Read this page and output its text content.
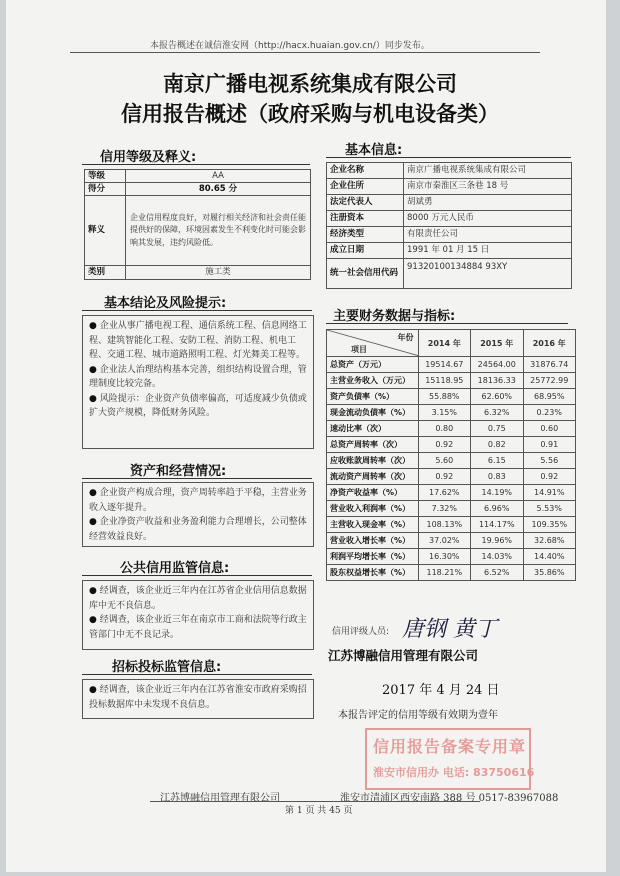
本报告概述在诚信淮安网（http://hacx.huaian.gov.cn/）同步发布。
南京广播电视系统集成有限公司
信用报告概述（政府采购与机电设备类）
信用等级及释义:
等级	AA
得分	80.65 分
释义	企业信用程度良好，对履行相关经济和社会责任能提供好的保障，环境因素发生不利变化时可能会影响其发展，违约风险低。
类别	施工类
基本信息:
企业名称	南京广播电视系统集成有限公司
企业住所	南京市秦淮区三条巷 18 号
法定代表人	胡斌勇
注册资本	8000 万元人民币
经济类型	有限责任公司
成立日期	1991 年 01 月 15 日
统一社会信用代码	91320100134884 93XY
基本结论及风险提示:

● 企业从事广播电视工程、通信系统工程、信息网络工程、建筑智能化工程、安防工程、消防工程、机电工程、交通工程、城市道路照明工程、灯光舞美工程等。

● 企业法人治理结构基本完善，组织结构设置合理，管理制度比较完备。

● 风险提示：企业资产负债率偏高，可适度减少负债或扩大资产规模，降低财务风险。

资产和经营情况:

● 企业资产构成合理，资产周转率趋于平稳，主营业务收入逐年提升。

● 企业净资产收益和业务盈利能力合理增长，公司整体经营效益良好。

公共信用监管信息:

● 经调查，该企业近三年内在江苏省企业信用信息数据库中无不良信息。

● 经调查，该企业近三年在南京市工商和法院等行政主管部门中无不良记录。

招标投标监管信息:

● 经调查，该企业近三年内在江苏省淮安市政府采购招投标数据库中未发现不良信息。

主要财务数据与指标:
年份
项目	2014 年	2015 年	2016 年
总资产（万元）	19514.67	24564.00	31876.74
主营业务收入（万元）	15118.95	18136.33	25772.99
资产负债率（%）	55.88%	62.60%	68.95%
现金流动负债率（%）	3.15%	6.32%	0.23%
速动比率（次）	0.80	0.75	0.60
总资产周转率（次）	0.92	0.82	0.91
应收账款周转率（次）	5.60	6.15	5.56
流动资产周转率（次）	0.92	0.83	0.92
净资产收益率（%）	17.62%	14.19%	14.91%
营业收入利润率（%）	7.32%	6.96%	5.53%
主营收入现金率（%）	108.13%	114.17%	109.35%
营业收入增长率（%）	37.02%	19.96%	32.68%
利润平均增长率（%）	16.30%	14.03%	14.40%
股东权益增长率（%）	118.21%	6.52%	35.86%
信用评级人员: 唐钢 黄丁
江苏博融信用管理有限公司
2017 年 4 月 24 日
本报告评定的信用等级有效期为壹年
信用报告备案专用章
淮安市信用办 电话: 83750616
江苏博融信用管理有限公司	淮安市清浦区西安南路 388 号 0517-83967088
第 1 页 共 45 页
